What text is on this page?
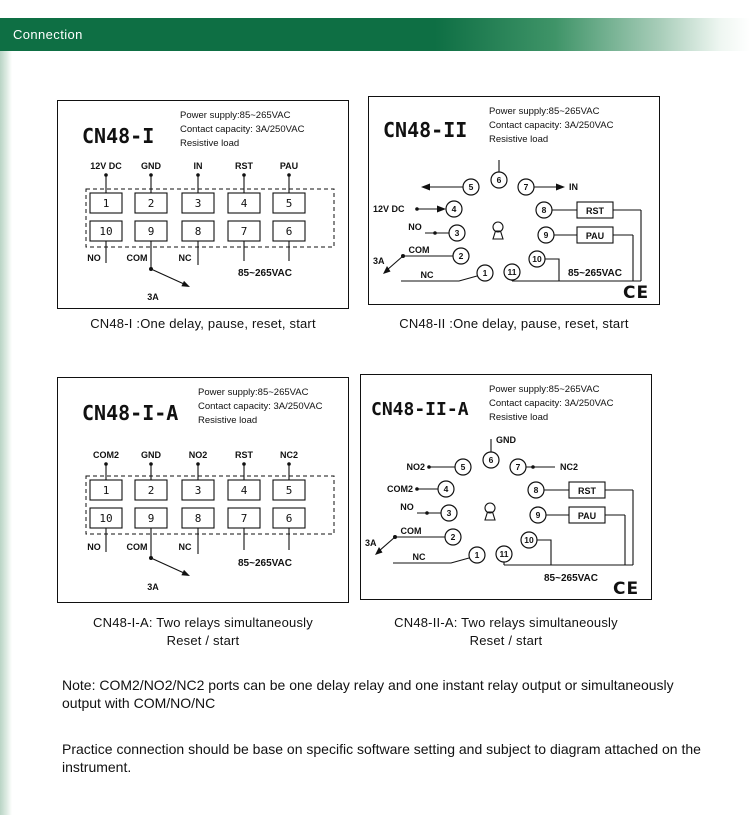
Connection
CN48-I
Power supply:85~265VAC
Contact capacity: 3A/250VAC
Resistive load
12V DC GND	IN	RST	PAU
1	2	3	4	5
10	9	8	7	6
NO	COM	NC
3A
85~265VAC
CN48-II
Power supply:85~265VAC
Contact capacity: 3A/250VAC
Resistive load
1
2
3
4
5
6
7
8
9
10
11
12V DC
NO
COM
NC
3A
IN
RST
PAU
85~265VAC
CE
CN48-I-A
Power supply:85~265VAC
Contact capacity: 3A/250VAC
Resistive load
COM2 GND	NO2	RST	NC2
1	2	3	4	5
10	9	8	7	6
NO	COM	NC
3A
85~265VAC
CN48-II-A
Power supply:85~265VAC
Contact capacity: 3A/250VAC
Resistive load
1
2
3
4
5
6
7
8
9
10
11
GND
NO2
COM2
NO
COM
NC
3A
NC2
RST
PAU
85~265VAC
CE
CN48-I :One delay, pause, reset, start	CN48-II :One delay, pause, reset, start
CN48-I-A: Two relays simultaneously
Reset / start
CN48-II-A: Two relays simultaneously
Reset / start

Note: COM2/NO2/NC2 ports can be one delay relay and one instant relay output or simultaneously output with COM/NO/NC

Practice connection should be base on specific software setting and subject to diagram attached on the instrument.
